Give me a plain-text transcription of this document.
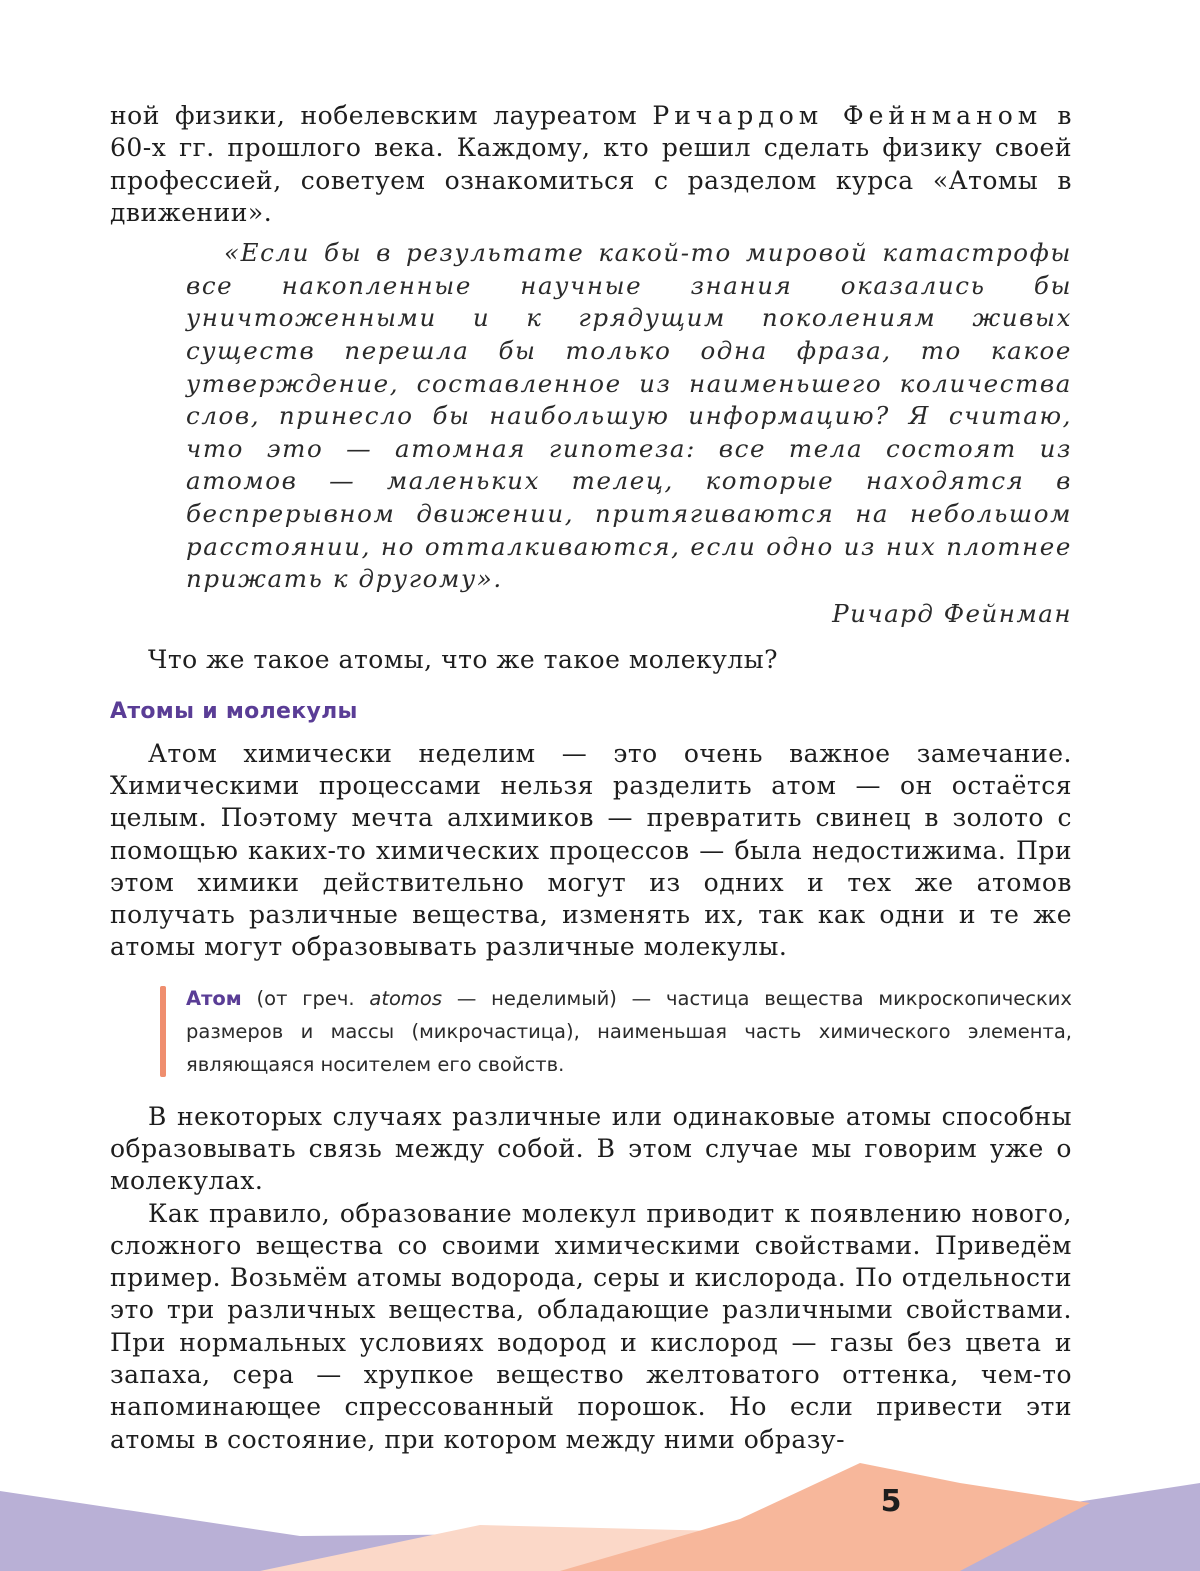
ной физики, нобелевским лауреатом Ричардом Фейнманом в 60-х гг. прошлого века. Каждому, кто решил сделать физику своей профессией, советуем ознакомиться с разделом курса «Атомы в движении».

«Если бы в результате какой-то мировой катастрофы все накопленные научные знания оказались бы уничтоженными и к грядущим поколениям живых существ перешла бы только одна фраза, то какое утверждение, составленное из наименьшего количества слов, принесло бы наибольшую информацию? Я считаю, что это — атомная гипотеза: все тела состоят из атомов — маленьких телец, которые находятся в беспрерывном движении, притягиваются на небольшом расстоянии, но отталкиваются, если одно из них плотнее прижать к другому».

Ричард Фейнман

Что же такое атомы, что же такое молекулы?

Атомы и молекулы

Атом химически неделим — это очень важное замечание. Химическими процессами нельзя разделить атом — он остаётся целым. Поэтому мечта алхимиков — превратить свинец в золото с помощью каких-то химических процессов — была недостижима. При этом химики действительно могут из одних и тех же атомов получать различные вещества, изменять их, так как одни и те же атомы могут образовывать различные молекулы.

Атом (от греч. atomos — неделимый) — частица вещества микроскопических размеров и массы (микрочастица), наименьшая часть химического элемента, являющаяся носителем его свойств.

В некоторых случаях различные или одинаковые атомы способны образовывать связь между собой. В этом случае мы говорим уже о молекулах.

Как правило, образование молекул приводит к появлению нового, сложного вещества со своими химическими свойствами. Приведём пример. Возьмём атомы водорода, серы и кислорода. По отдельности это три различных вещества, обладающие различными свойствами. При нормальных условиях водород и кислород — газы без цвета и запаха, сера — хрупкое вещество желтоватого оттенка, чем-то напоминающее спрессованный порошок. Но если привести эти атомы в состояние, при котором между ними образу-

5
